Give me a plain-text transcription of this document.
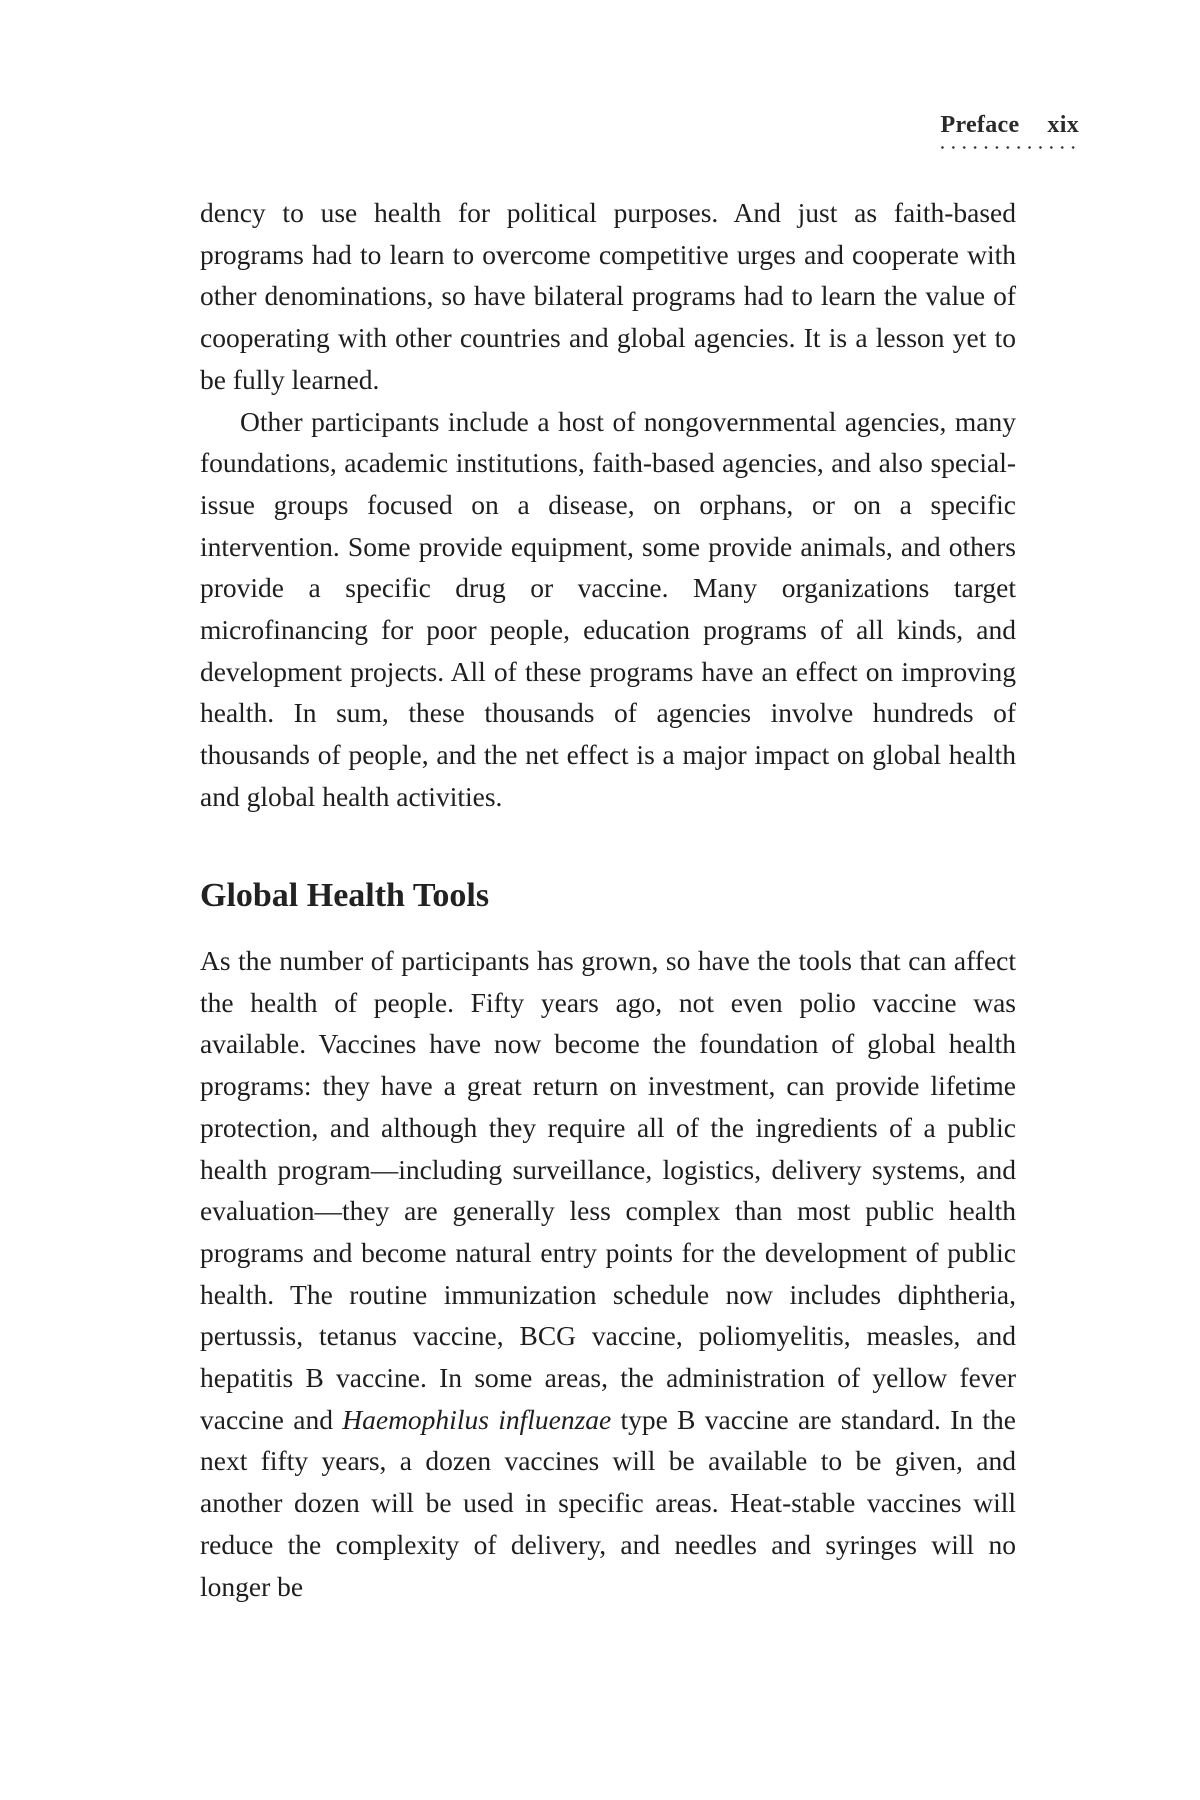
Preface xix

dency to use health for political purposes. And just as faith-based programs had to learn to overcome competitive urges and cooperate with other denominations, so have bilateral programs had to learn the value of cooperating with other countries and global agencies. It is a lesson yet to be fully learned.

Other participants include a host of nongovernmental agencies, many foundations, academic institutions, faith-based agencies, and also special-issue groups focused on a disease, on orphans, or on a specific intervention. Some provide equipment, some provide animals, and others provide a specific drug or vaccine. Many organizations target microfinancing for poor people, education programs of all kinds, and development projects. All of these programs have an effect on improving health. In sum, these thousands of agencies involve hundreds of thousands of people, and the net effect is a major impact on global health and global health activities.

Global Health Tools

As the number of participants has grown, so have the tools that can affect the health of people. Fifty years ago, not even polio vaccine was available. Vaccines have now become the foundation of global health programs: they have a great return on investment, can provide lifetime protection, and although they require all of the ingredients of a public health program—including surveillance, logistics, delivery systems, and evaluation—they are generally less complex than most public health programs and become natural entry points for the development of public health. The routine immunization schedule now includes diphtheria, pertussis, tetanus vaccine, BCG vaccine, poliomyelitis, measles, and hepatitis B vaccine. In some areas, the administration of yellow fever vaccine and Haemophilus influenzae type B vaccine are standard. In the next fifty years, a dozen vaccines will be available to be given, and another dozen will be used in specific areas. Heat-stable vaccines will reduce the complexity of delivery, and needles and syringes will no longer be
